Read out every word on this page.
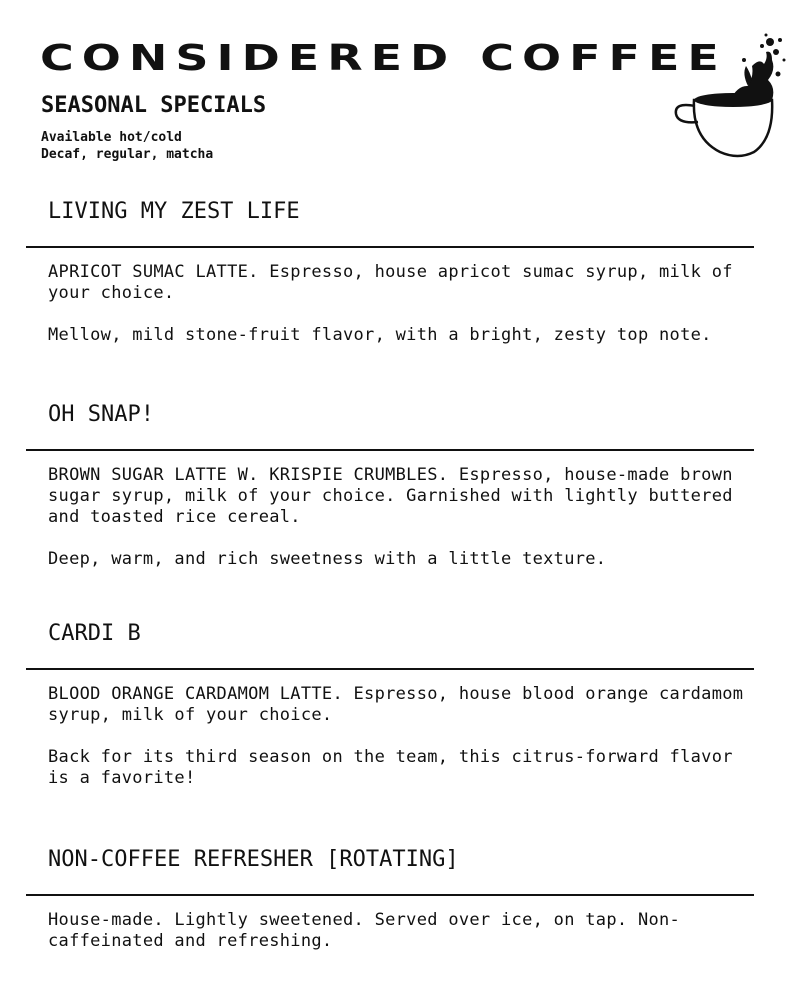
CONSIDERED COFFEE
SEASONAL SPECIALS
Available hot/cold
Decaf, regular, matcha
LIVING MY ZEST LIFE

APRICOT SUMAC LATTE. Espresso, house apricot sumac syrup, milk of your choice.

Mellow, mild stone-fruit flavor, with a bright, zesty top note.

OH SNAP!

BROWN SUGAR LATTE W. KRISPIE CRUMBLES. Espresso, house-made brown sugar syrup, milk of your choice. Garnished with lightly buttered and toasted rice cereal.

Deep, warm, and rich sweetness with a little texture.

CARDI B

BLOOD ORANGE CARDAMOM LATTE. Espresso, house blood orange cardamom syrup, milk of your choice.

Back for its third season on the team, this citrus-forward flavor is a favorite!

NON-COFFEE REFRESHER [ROTATING]

House-made. Lightly sweetened. Served over ice, on tap. Non-caffeinated and refreshing.
